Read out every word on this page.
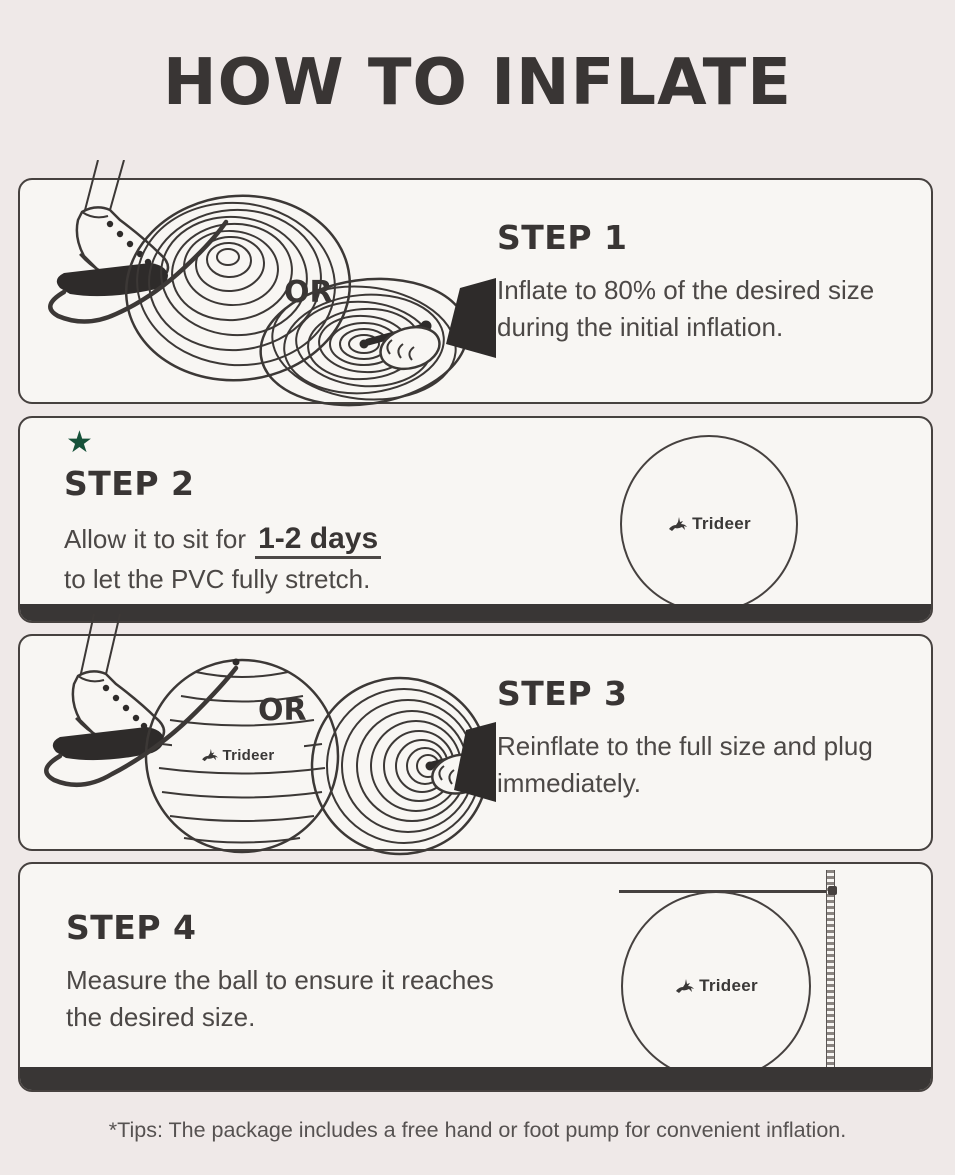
HOW TO INFLATE
OR
STEP 1

Inflate to 80% of the desired size during the initial inflation.

★
STEP 2

Allow it to sit for 1-2 days
to let the PVC fully stretch.

Trideer
OR
Trideer
STEP 3

Reinflate to the full size and plug immediately.

STEP 4

Measure the ball to ensure it reaches the desired size.

Trideer
*Tips: The package includes a free hand or foot pump for convenient inflation.
